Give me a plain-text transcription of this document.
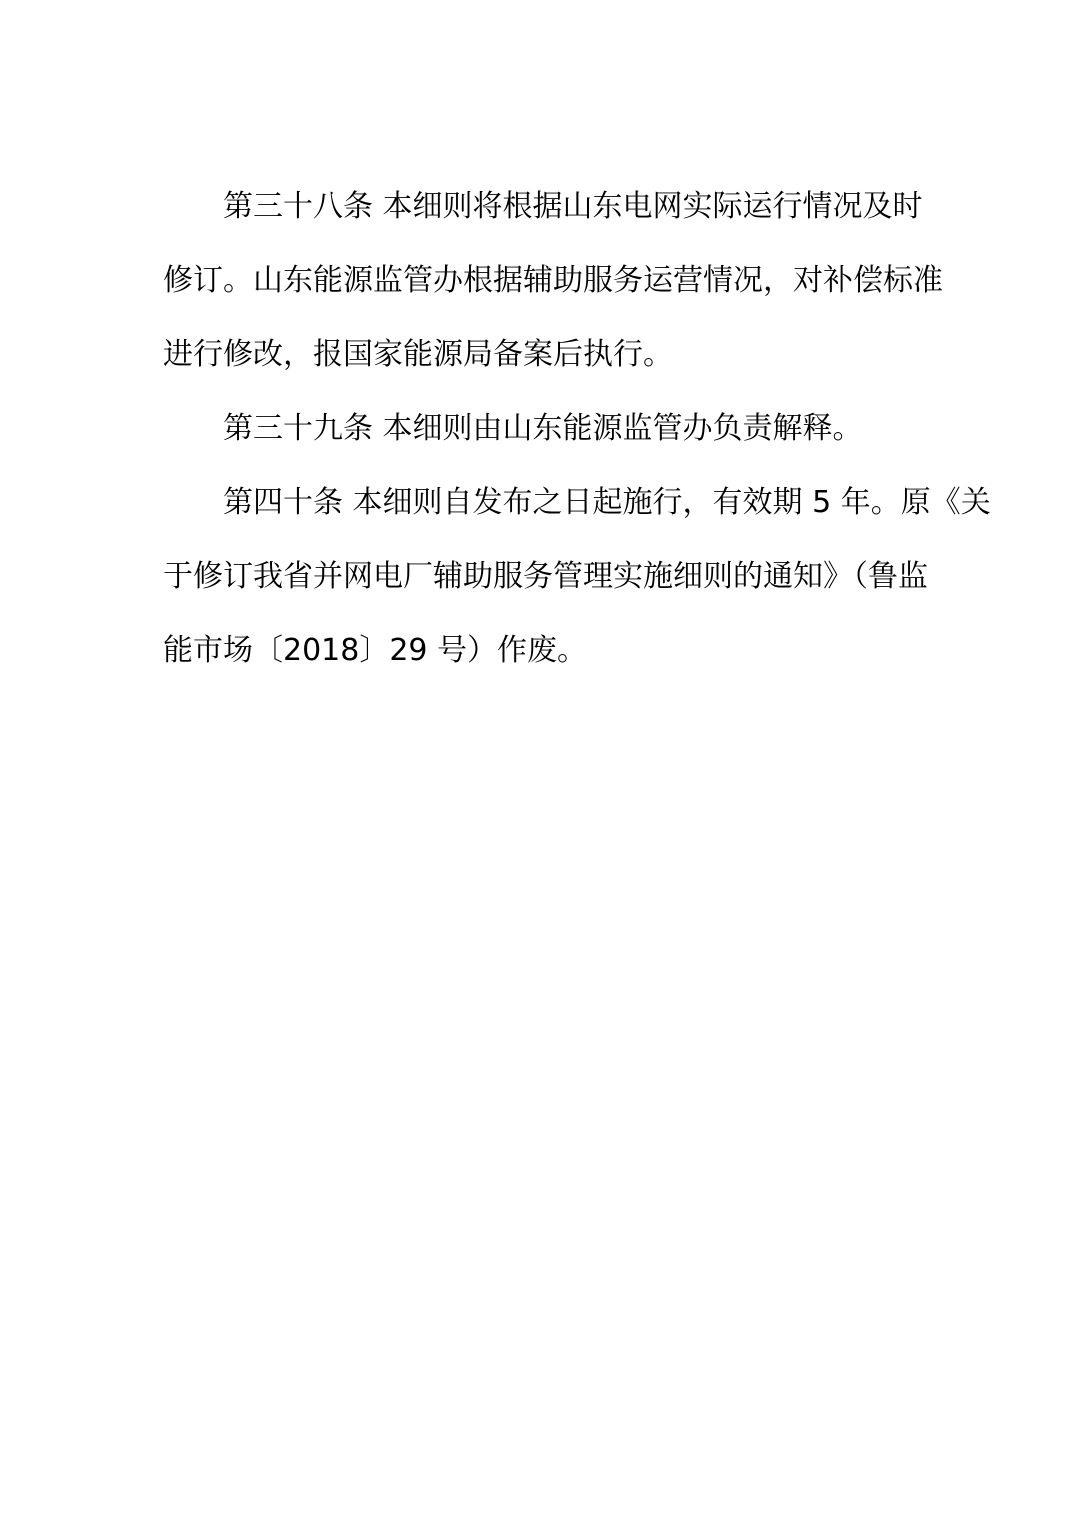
第三十八条 本细则将根据山东电网实际运行情况及时
修订。山东能源监管办根据辅助服务运营情况，对补偿标准
进行修改，报国家能源局备案后执行。

第三十九条 本细则由山东能源监管办负责解释。

第四十条 本细则自发布之日起施行，有效期 5 年。原《关
于修订我省并网电厂辅助服务管理实施细则的通知》（鲁监
能市场〔2018〕29 号）作废。
